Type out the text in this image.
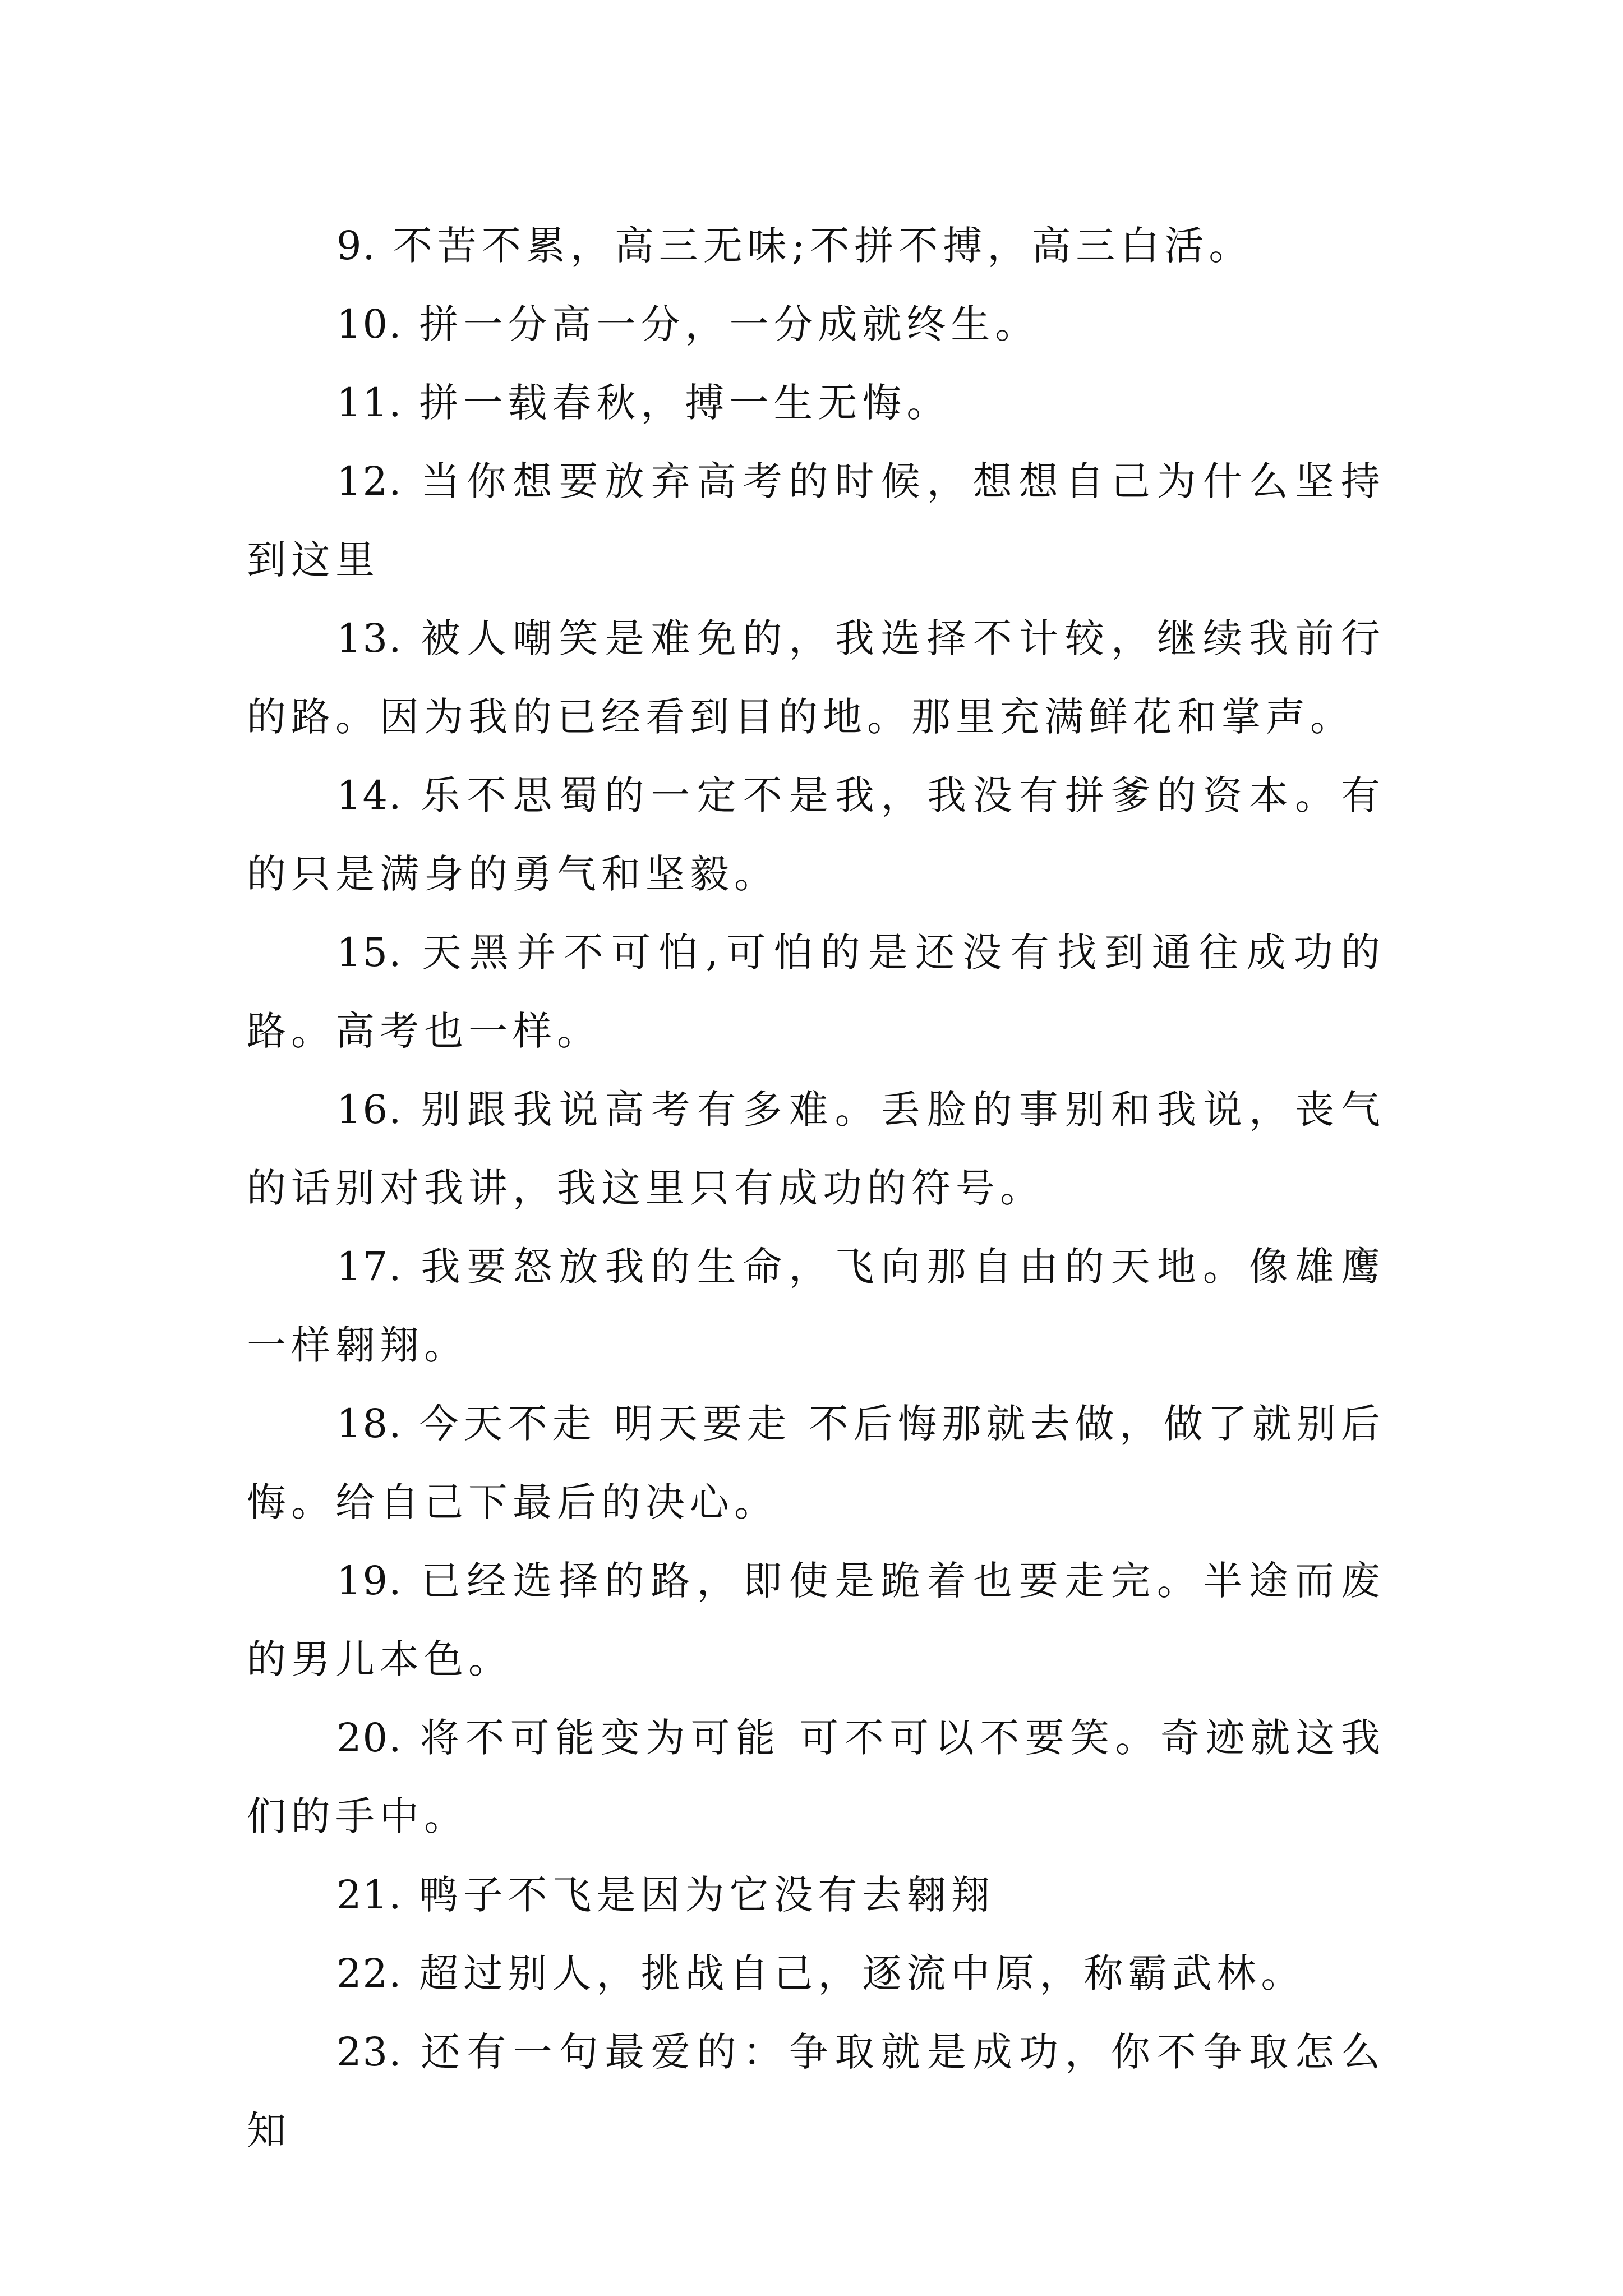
9. 不苦不累，高三无味;不拼不搏，高三白活。

10. 拼一分高一分，一分成就终生。

11. 拼一载春秋，搏一生无悔。

12. 当你想要放弃高考的时候，想想自己为什么坚持到这里

13. 被人嘲笑是难免的，我选择不计较，继续我前行的路。因为我的已经看到目的地。那里充满鲜花和掌声。

14. 乐不思蜀的一定不是我，我没有拼爹的资本。有的只是满身的勇气和坚毅。

15. 天黑并不可怕,可怕的是还没有找到通往成功的路。高考也一样。

16. 别跟我说高考有多难。丢脸的事别和我说，丧气的话别对我讲，我这里只有成功的符号。

17. 我要怒放我的生命，飞向那自由的天地。像雄鹰一样翱翔。

18. 今天不走 明天要走 不后悔那就去做，做了就别后悔。给自己下最后的决心。

19. 已经选择的路，即使是跪着也要走完。半途而废的男儿本色。

20. 将不可能变为可能 可不可以不要笑。奇迹就这我们的手中。

21. 鸭子不飞是因为它没有去翱翔

22. 超过别人，挑战自己，逐流中原，称霸武林。

23. 还有一句最爱的：争取就是成功，你不争取怎么知
